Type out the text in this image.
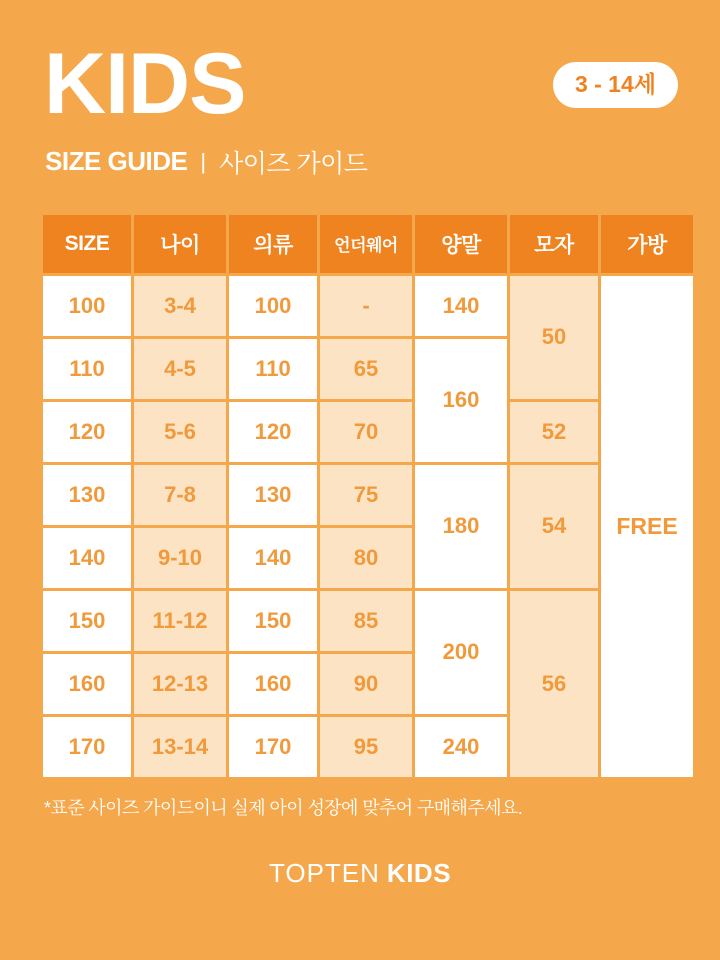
KIDS	3 - 14세
SIZE GUIDE | 사이즈 가이드
SIZE	나이	의류	언더웨어	양말	모자	가방
100	3-4	100	-	140	50	FREE
110	4-5	110	65	160		
120	5-6	120	70		52	
130	7-8	130	75	180	54	
140	9-10	140	80			
150	11-12	150	85	200	56	
160	12-13	160	90			
170	13-14	170	95	240		
*표준 사이즈 가이드이니 실제 아이 성장에 맞추어 구매해주세요.
TOPTEN KIDS
